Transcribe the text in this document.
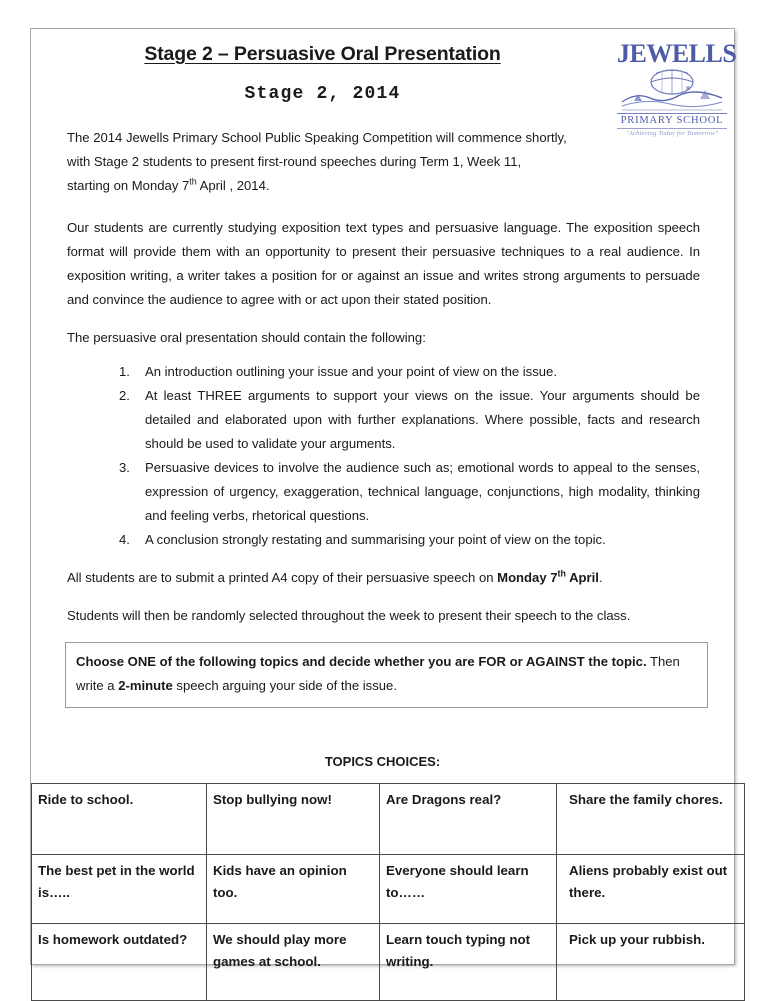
JEWELLS
PRIMARY SCHOOL
"Achieving Today for Tomorrow"
Stage 2 – Persuasive Oral Presentation
Stage 2, 2014

The 2014 Jewells Primary School Public Speaking Competition will commence shortly,

with Stage 2 students to present first-round speeches during Term 1, Week 11,

starting on Monday 7th April , 2014.

Our students are currently studying exposition text types and persuasive language. The exposition speech format will provide them with an opportunity to present their persuasive techniques to a real audience. In exposition writing, a writer takes a position for or against an issue and writes strong arguments to persuade and convince the audience to agree with or act upon their stated position.

The persuasive oral presentation should contain the following:

An introduction outlining your issue and your point of view on the issue.
At least THREE arguments to support your views on the issue. Your arguments should be detailed and elaborated upon with further explanations. Where possible, facts and research should be used to validate your arguments.
Persuasive devices to involve the audience such as; emotional words to appeal to the senses, expression of urgency, exaggeration, technical language, conjunctions, high modality, thinking and feeling verbs, rhetorical questions.
A conclusion strongly restating and summarising your point of view on the topic.

All students are to submit a printed A4 copy of their persuasive speech on Monday 7th April.

Students will then be randomly selected throughout the week to present their speech to the class.

Choose ONE of the following topics and decide whether you are FOR or AGAINST the topic. Then write a 2-minute speech arguing your side of the issue.

TOPICS CHOICES:

Ride to school.	Stop bullying now!	Are Dragons real?	Share the family chores.
The best pet in the world is…..	Kids have an opinion too.	Everyone should learn to……	Aliens probably exist out there.
Is homework outdated?	We should play more games at school.	Learn touch typing not writing.	Pick up your rubbish.
